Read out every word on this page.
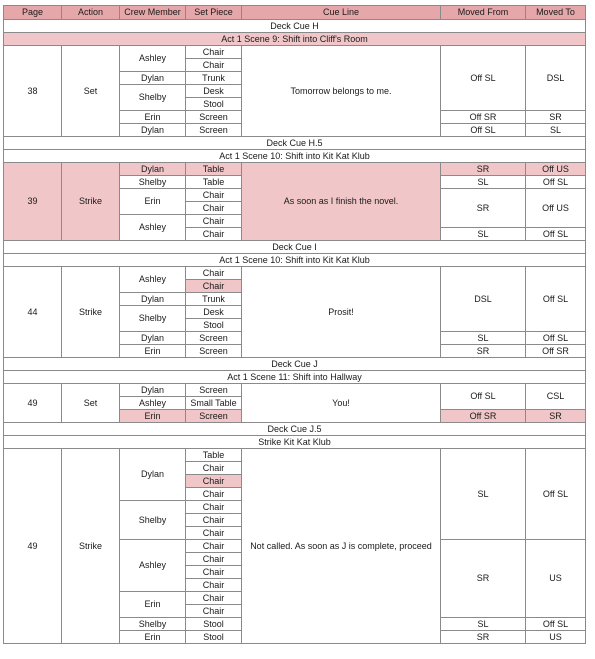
Page	Action	Crew Member	Set Piece	Cue Line	Moved From	Moved To
Deck Cue H						
Act 1 Scene 9: Shift into Cliff's Room						
38	Set	Ashley	Chair	Tomorrow belongs to me.	Off SL	DSL
			Chair			
		Dylan	Trunk			
		Shelby	Desk			
			Stool			
		Erin	Screen		Off SR	SR
		Dylan	Screen		Off SL	SL
Deck Cue H.5						
Act 1 Scene 10: Shift into Kit Kat Klub						
39	Strike	Dylan	Table	As soon as I finish the novel.	SR	Off US
		Shelby	Table		SL	Off SL
		Erin	Chair		SR	Off US
			Chair			
		Ashley	Chair			
			Chair		SL	Off SL
Deck Cue I						
Act 1 Scene 10: Shift into Kit Kat Klub						
44	Strike	Ashley	Chair	Prosit!	DSL	Off SL
			Chair			
		Dylan	Trunk			
		Shelby	Desk			
			Stool			
		Dylan	Screen		SL	Off SL
		Erin	Screen		SR	Off SR
Deck Cue J						
Act 1 Scene 11: Shift into Hallway						
49	Set	Dylan	Screen	You!	Off SL	CSL
		Ashley	Small Table			
		Erin	Screen		Off SR	SR
Deck Cue J.5						
Strike Kit Kat Klub						
49	Strike	Dylan	Table	Not called. As soon as J is complete, proceed	SL	Off SL
			Chair			
			Chair			
			Chair			
		Shelby	Chair			
			Chair			
			Chair			
		Ashley	Chair		SR	US
			Chair			
			Chair			
			Chair			
		Erin	Chair			
			Chair			
		Shelby	Stool		SL	Off SL
		Erin	Stool		SR	US
